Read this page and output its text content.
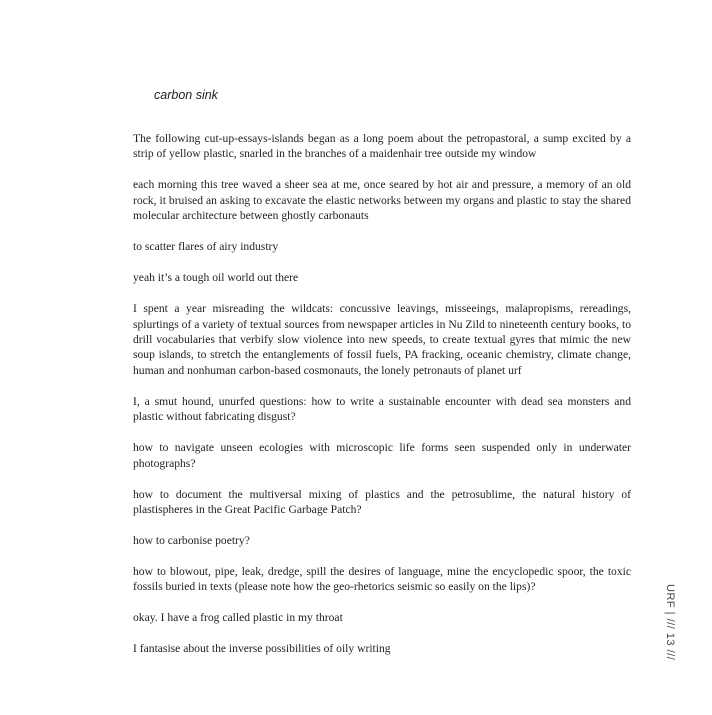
carbon sink

The following cut-up-essays-islands began as a long poem about the petropastoral, a sump excited by a strip of yellow plastic, snarled in the branches of a maidenhair tree outside my window

each morning this tree waved a sheer sea at me, once seared by hot air and pressure, a memory of an old rock, it bruised an asking to excavate the elastic networks between my organs and plastic to stay the shared molecular architecture between ghostly carbonauts

to scatter flares of airy industry

yeah it’s a tough oil world out there

I spent a year misreading the wildcats: concussive leavings, misseeings, malapropisms, rereadings, splurtings of a variety of textual sources from newspaper articles in Nu Zild to nineteenth century books, to drill vocabularies that verbify slow violence into new speeds, to create textual gyres that mimic the new soup islands, to stretch the entanglements of fossil fuels, PA fracking, oceanic chemistry, climate change, human and nonhuman carbon-based cosmonauts, the lonely petronauts of planet urf

I, a smut hound, unurfed questions: how to write a sustainable encounter with dead sea monsters and plastic without fabricating disgust?

how to navigate unseen ecologies with microscopic life forms seen suspended only in underwater photographs?

how to document the multiversal mixing of plastics and the petrosublime, the natural history of plastispheres in the Great Pacific Garbage Patch?

how to carbonise poetry?

how to blowout, pipe, leak, dredge, spill the desires of language, mine the encyclopedic spoor, the toxic fossils buried in texts (please note how the geo-rhetorics seismic so easily on the lips)?

okay. I have a frog called plastic in my throat

I fantasise about the inverse possibilities of oily writing	URF | /// 13 ///
